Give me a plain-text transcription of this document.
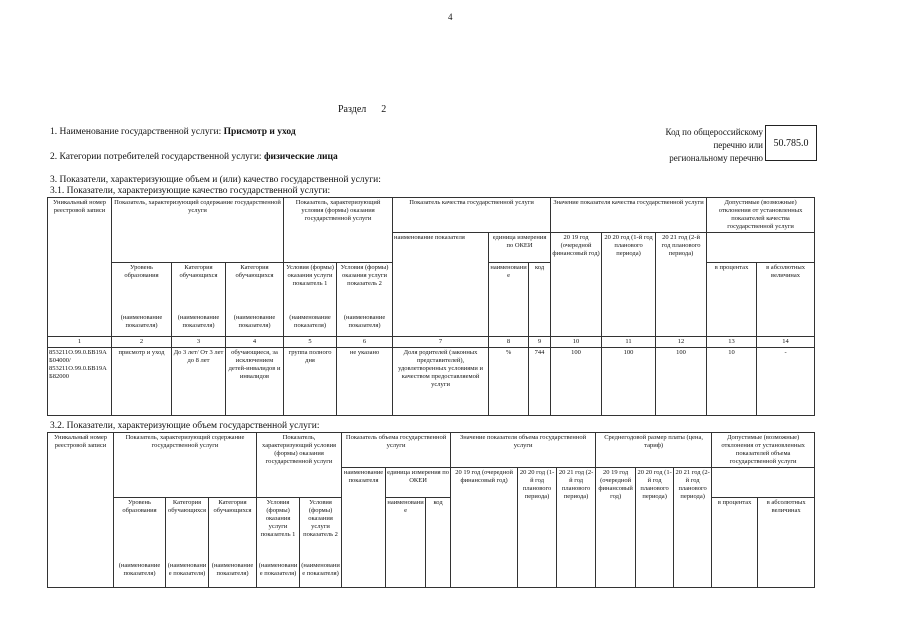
4
Раздел 2
1. Наименование государственной услуги: Присмотр и уход
2. Категории потребителей государственной услуги: физические лица
Код по общероссийскому
перечню или
региональному перечню
50.785.0
3. Показатели, характеризующие объем и (или) качество государственной услуги:
3.1. Показатели, характеризующие качество государственной услуги:
Уникальный номер реестровой записи	Показатель, характеризующий содержание государственной услуги			Показатель, характеризующий условия (формы) оказания государственной услуги		Показатель качества государственной услуги			Значение показателя качества государственной услуги			Допустимые (возможные) отклонения от установленных показателей качества государственной услуги	
						наименование показателя	единица измерения по ОКЕИ		20 19 год (очередной финансовый год)	20 20 год (1-й год планового периода)	20 21 год (2-й год планового периода)		
	Уровень образования	Категория обучающихся	Категория обучающихся	Условия (формы) оказания услуги показатель 1	Условия (формы) оказания услуги показатель 2		наименование	код				в процентах	в абсолютных величинах
	(наименование показателя)	(наименование показателя)	(наименование показателя)	(наименование показателя)	(наименование показателя)								
1	2	3	4	5	6	7	8	9	10	11	12	13	14
853211О.99.0.БВ19АБ04000/ 853211О.99.0.БВ19АБ82000	присмотр и уход	До 3 лет/ От 3 лет до 8 лет	обучающиеся, за исключением детей-инвалидов и инвалидов	группа полного дня	не указано	Доля родителей (законных представителей), удовлетворенных условиями и качеством предоставляемой услуги	%	744	100	100	100	10	-
3.2. Показатели, характеризующие объем государственной услуги:
Уникальный номер реестровой записи	Показатель, характеризующий содержание государственной услуги			Показатель, характеризующий условия (формы) оказания государственной услуги		Показатель объема государственной услуги			Значение показателя объема государственной услуги			Среднегодовой размер платы (цена, тариф)			Допустимые (возможные) отклонения от установленных показателей объема государственной услуги	
						наименование показателя	единица измерения по ОКЕИ		20 19 год (очередной финансовый год)	20 20 год (1-й год планового периода)	20 21 год (2-й год планового периода)	20 19 год (очередной финансовый год)	20 20 год (1-й год планового периода)	20 21 год (2-й год планового периода)		
	Уровень образования	Категория обучающихся	Категория обучающихся	Условия (формы) оказания услуги показатель 1	Условия (формы) оказания услуги показатель 2		наименование	код							в процентах	в абсолютных величинах
	(наименование показателя)	(наименование показателя)	(наименование показателя)	(наименование показателя)	(наименование показателя)											
